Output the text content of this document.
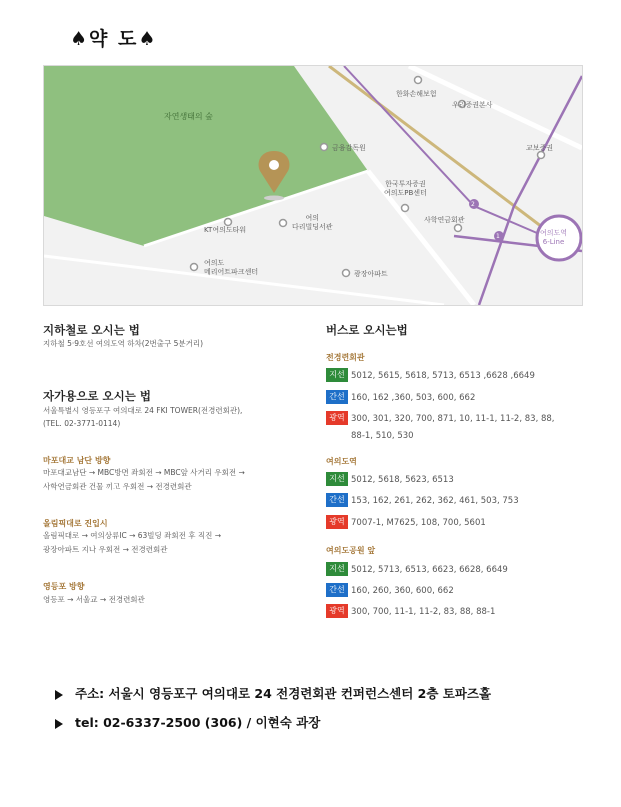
♠약 도♠
자연생태의 숲
한화손해보험
우리증권본사
금융감독원	교보증권
한국투자증권
여의도PB센터
사학연금회관
KT여의도타워
여의
다리빌딩서관
여의도
메리어트파크센터	광장아파트
여의도역
6-Line
2
1
지하철로 오시는 법
지하철 5·9호선 여의도역 하차(2번출구 5분거리)
자가용으로 오시는 법
서울특별시 영등포구 여의대로 24 FKI TOWER(전경련회관),
(TEL. 02-3771-0114)
마포대교 남단 방향
마포대교남단 → MBC방면 좌회전 → MBC앞 사거리 우회전 →
사학연금회관 건물 끼고 우회전 → 전경련회관
올림픽대로 진입시
올림픽대로 → 여의상류IC → 63빌딩 좌회전 후 직진 →
광장아파트 지나 우회전 → 전경련회관
영등포 방향
영등포 → 서울교 → 전경련회관
버스로 오시는법
전경련회관
지선 5012, 5615, 5618, 5713, 6513 ,6628 ,6649
간선 160, 162 ,360, 503, 600, 662
광역 300, 301, 320, 700, 871, 10, 11-1, 11-2, 83, 88,
88-1, 510, 530
여의도역
지선 5012, 5618, 5623, 6513
간선 153, 162, 261, 262, 362, 461, 503, 753
광역 7007-1, M7625, 108, 700, 5601
여의도공원 앞
지선 5012, 5713, 6513, 6623, 6628, 6649
간선 160, 260, 360, 600, 662
광역 300, 700, 11-1, 11-2, 83, 88, 88-1
주소: 서울시 영등포구 여의대로 24 전경련회관 컨퍼런스센터 2층 토파즈홀
tel: 02-6337-2500 (306) / 이현숙 과장
